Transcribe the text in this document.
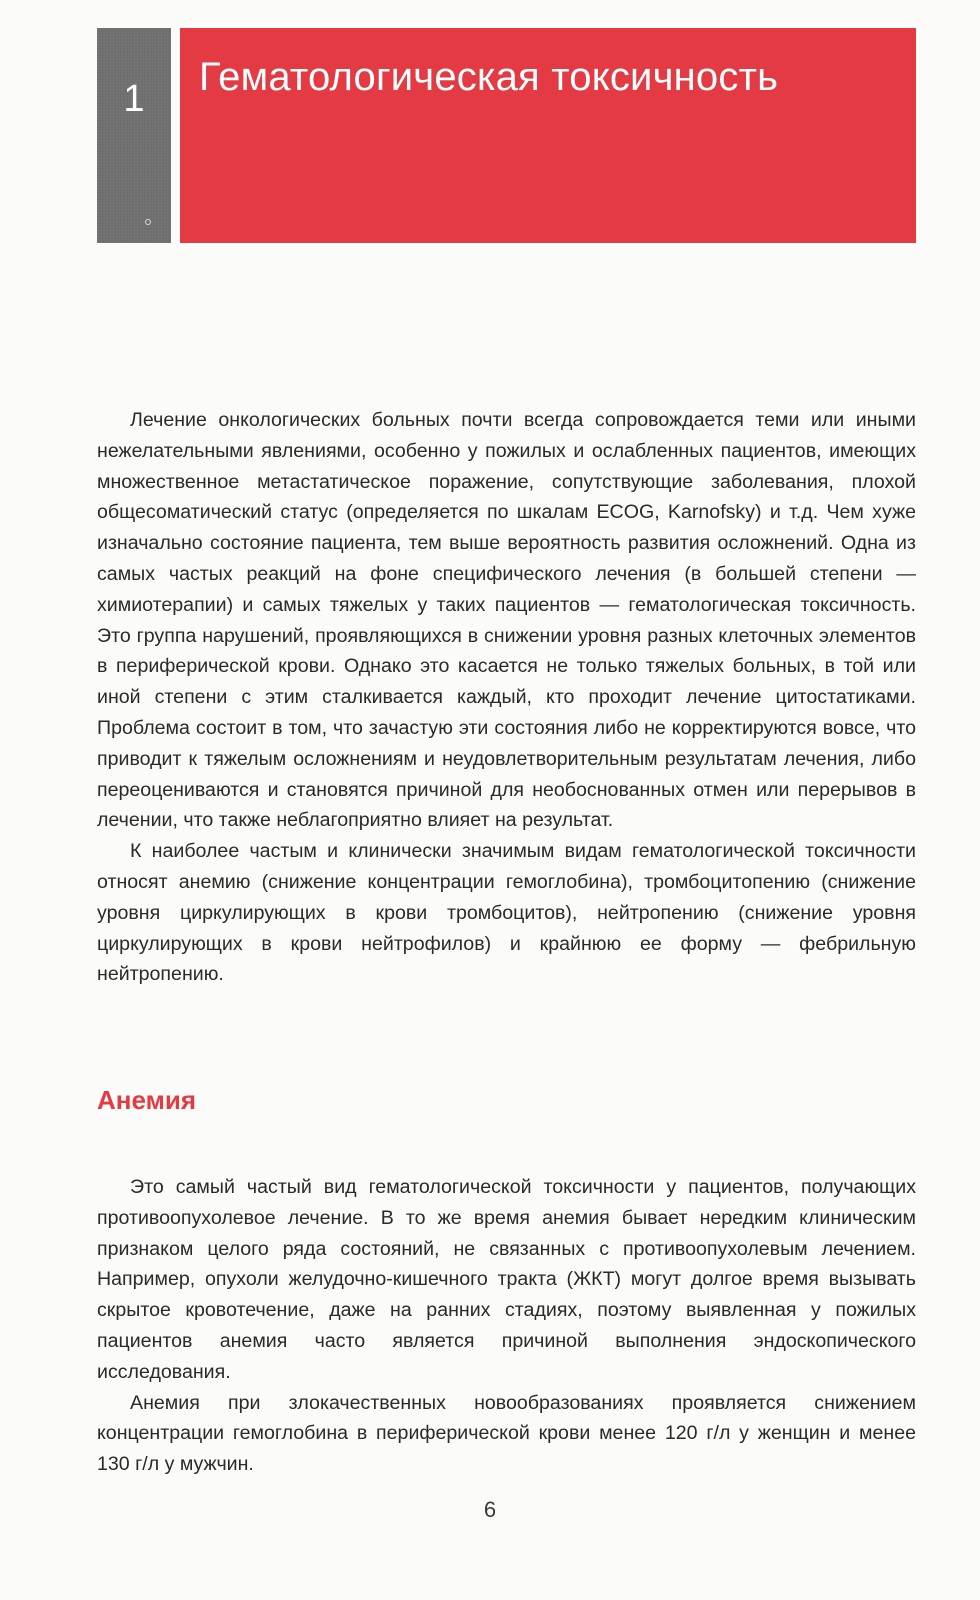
1	Гематологическая токсичность

Лечение онкологических больных почти всегда сопровождается теми или иными нежелательными явлениями, особенно у пожилых и ослабленных пациентов, имеющих множественное метастатическое поражение, сопутствующие заболевания, плохой общесоматический статус (определяется по шкалам ECOG, Karnofsky) и т.д. Чем хуже изначально состояние пациента, тем выше вероятность развития осложнений. Одна из самых частых реакций на фоне специфического лечения (в большей степени — химиотерапии) и самых тяжелых у таких пациентов — гематологическая токсичность. Это группа нарушений, проявляющихся в снижении уровня разных клеточных элементов в периферической крови. Однако это касается не только тяжелых больных, в той или иной степени с этим сталкивается каждый, кто проходит лечение цитостатиками. Проблема состоит в том, что зачастую эти состояния либо не корректируются вовсе, что приводит к тяжелым осложнениям и неудовлетворительным результатам лечения, либо переоцениваются и становятся причиной для необоснованных отмен или перерывов в лечении, что также неблагоприятно влияет на результат.

К наиболее частым и клинически значимым видам гематологической токсичности относят анемию (снижение концентрации гемоглобина), тромбоцитопению (снижение уровня циркулирующих в крови тромбоцитов), нейтропению (снижение уровня циркулирующих в крови нейтрофилов) и крайнюю ее форму — фебрильную нейтропению.

Анемия

Это самый частый вид гематологической токсичности у пациентов, получающих противоопухолевое лечение. В то же время анемия бывает нередким клиническим признаком целого ряда состояний, не связанных с противоопухолевым лечением. Например, опухоли желудочно-кишечного тракта (ЖКТ) могут долгое время вызывать скрытое кровотечение, даже на ранних стадиях, поэтому выявленная у пожилых пациентов анемия часто является причиной выполнения эндоскопического исследования.

Анемия при злокачественных новообразованиях проявляется снижением концентрации гемоглобина в периферической крови менее 120 г/л у женщин и менее 130 г/л у мужчин.

6
